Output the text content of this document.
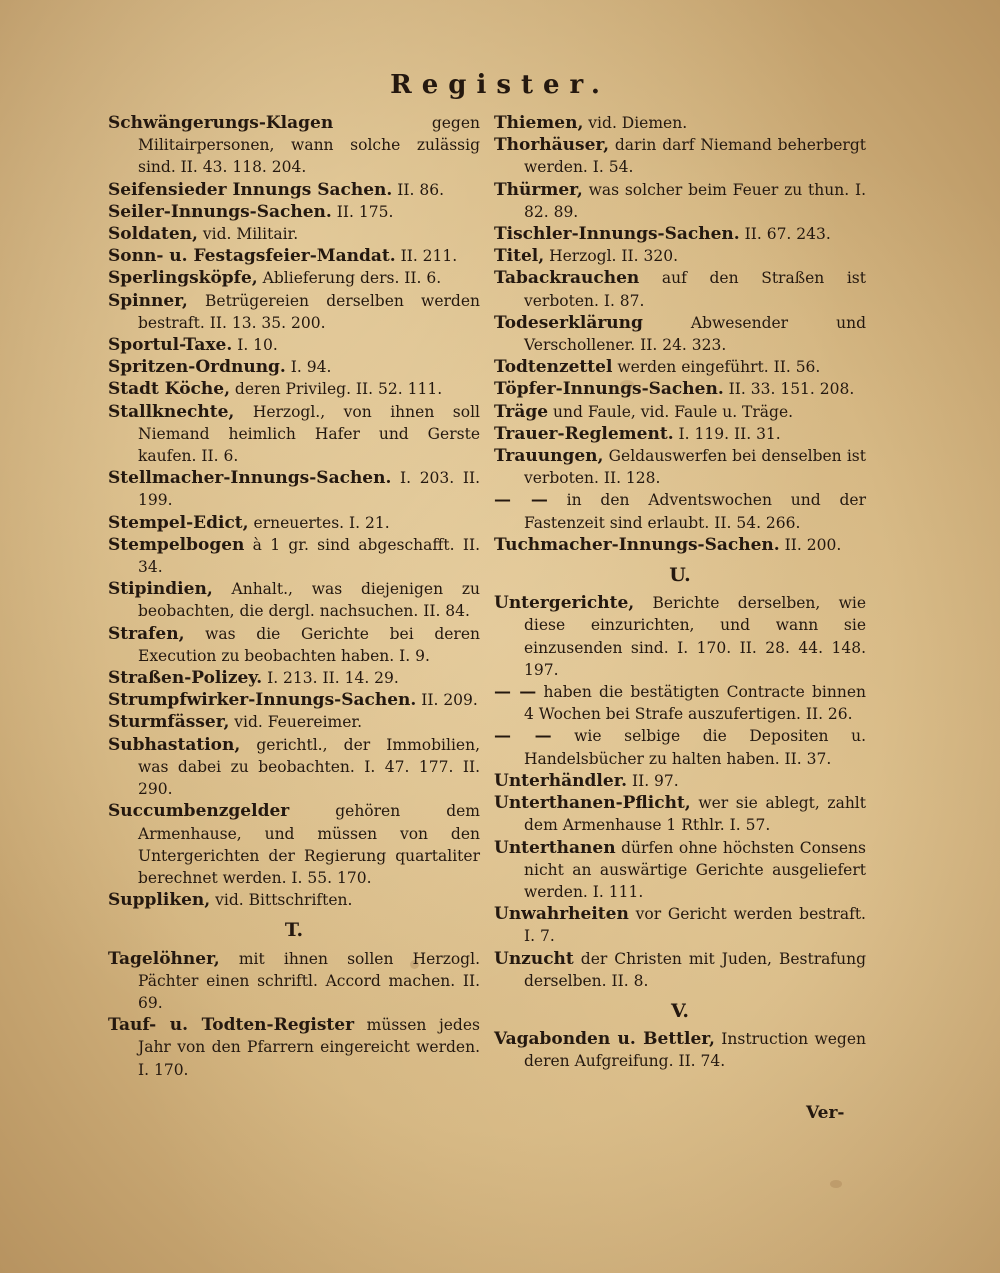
Register.
Schwängerungs-Klagen gegen Militairpersonen, wann solche zulässig sind. II. 43. 118. 204.
Seifensieder Innungs Sachen. II. 86.
Seiler-Innungs-Sachen. II. 175.
Soldaten, vid. Militair.
Sonn- u. Festagsfeier-Mandat. II. 211.
Sperlingsköpfe, Ablieferung ders. II. 6.
Spinner, Betrügereien derselben werden bestraft. II. 13. 35. 200.
Sportul-Taxe. I. 10.
Spritzen-Ordnung. I. 94.
Stadt Köche, deren Privileg. II. 52. 111.
Stallknechte, Herzogl., von ihnen soll Niemand heimlich Hafer und Gerste kaufen. II. 6.
Stellmacher-Innungs-Sachen. I. 203. II. 199.
Stempel-Edict, erneuertes. I. 21.
Stempelbogen à 1 gr. sind abgeschafft. II. 34.
Stipindien, Anhalt., was diejenigen zu beobachten, die dergl. nachsuchen. II. 84.
Strafen, was die Gerichte bei deren Execution zu beobachten haben. I. 9.
Straßen-Polizey. I. 213. II. 14. 29.
Strumpfwirker-Innungs-Sachen. II. 209.
Sturmfässer, vid. Feuereimer.
Subhastation, gerichtl., der Immobilien, was dabei zu beobachten. I. 47. 177. II. 290.
Succumbenzgelder gehören dem Armenhause, und müssen von den Untergerichten der Regierung quartaliter berechnet werden. I. 55. 170.
Suppliken, vid. Bittschriften.
T.
Tagelöhner, mit ihnen sollen Herzogl. Pächter einen schriftl. Accord machen. II. 69.
Tauf- u. Todten-Register müssen jedes Jahr von den Pfarrern eingereicht werden. I. 170.
Thiemen, vid. Diemen.
Thorhäuser, darin darf Niemand beherbergt werden. I. 54.
Thürmer, was solcher beim Feuer zu thun. I. 82. 89.
Tischler-Innungs-Sachen. II. 67. 243.
Titel, Herzogl. II. 320.
Tabackrauchen auf den Straßen ist verboten. I. 87.
Todeserklärung Abwesender und Verschollener. II. 24. 323.
Todtenzettel werden eingeführt. II. 56.
Töpfer-Innungs-Sachen. II. 33. 151. 208.
Träge und Faule, vid. Faule u. Träge.
Trauer-Reglement. I. 119. II. 31.
Trauungen, Geldauswerfen bei denselben ist verboten. II. 128.
— — in den Adventswochen und der Fastenzeit sind erlaubt. II. 54. 266.
Tuchmacher-Innungs-Sachen. II. 200.
U.
Untergerichte, Berichte derselben, wie diese einzurichten, und wann sie einzusenden sind. I. 170. II. 28. 44. 148. 197.
— — haben die bestätigten Contracte binnen 4 Wochen bei Strafe auszufertigen. II. 26.
— — wie selbige die Depositen u. Handelsbücher zu halten haben. II. 37.
Unterhändler. II. 97.
Unterthanen-Pflicht, wer sie ablegt, zahlt dem Armenhause 1 Rthlr. I. 57.
Unterthanen dürfen ohne höchsten Consens nicht an auswärtige Gerichte ausgeliefert werden. I. 111.
Unwahrheiten vor Gericht werden bestraft. I. 7.
Unzucht der Christen mit Juden, Bestrafung derselben. II. 8.
V.
Vagabonden u. Bettler, Instruction wegen deren Aufgreifung. II. 74.
Ver-
